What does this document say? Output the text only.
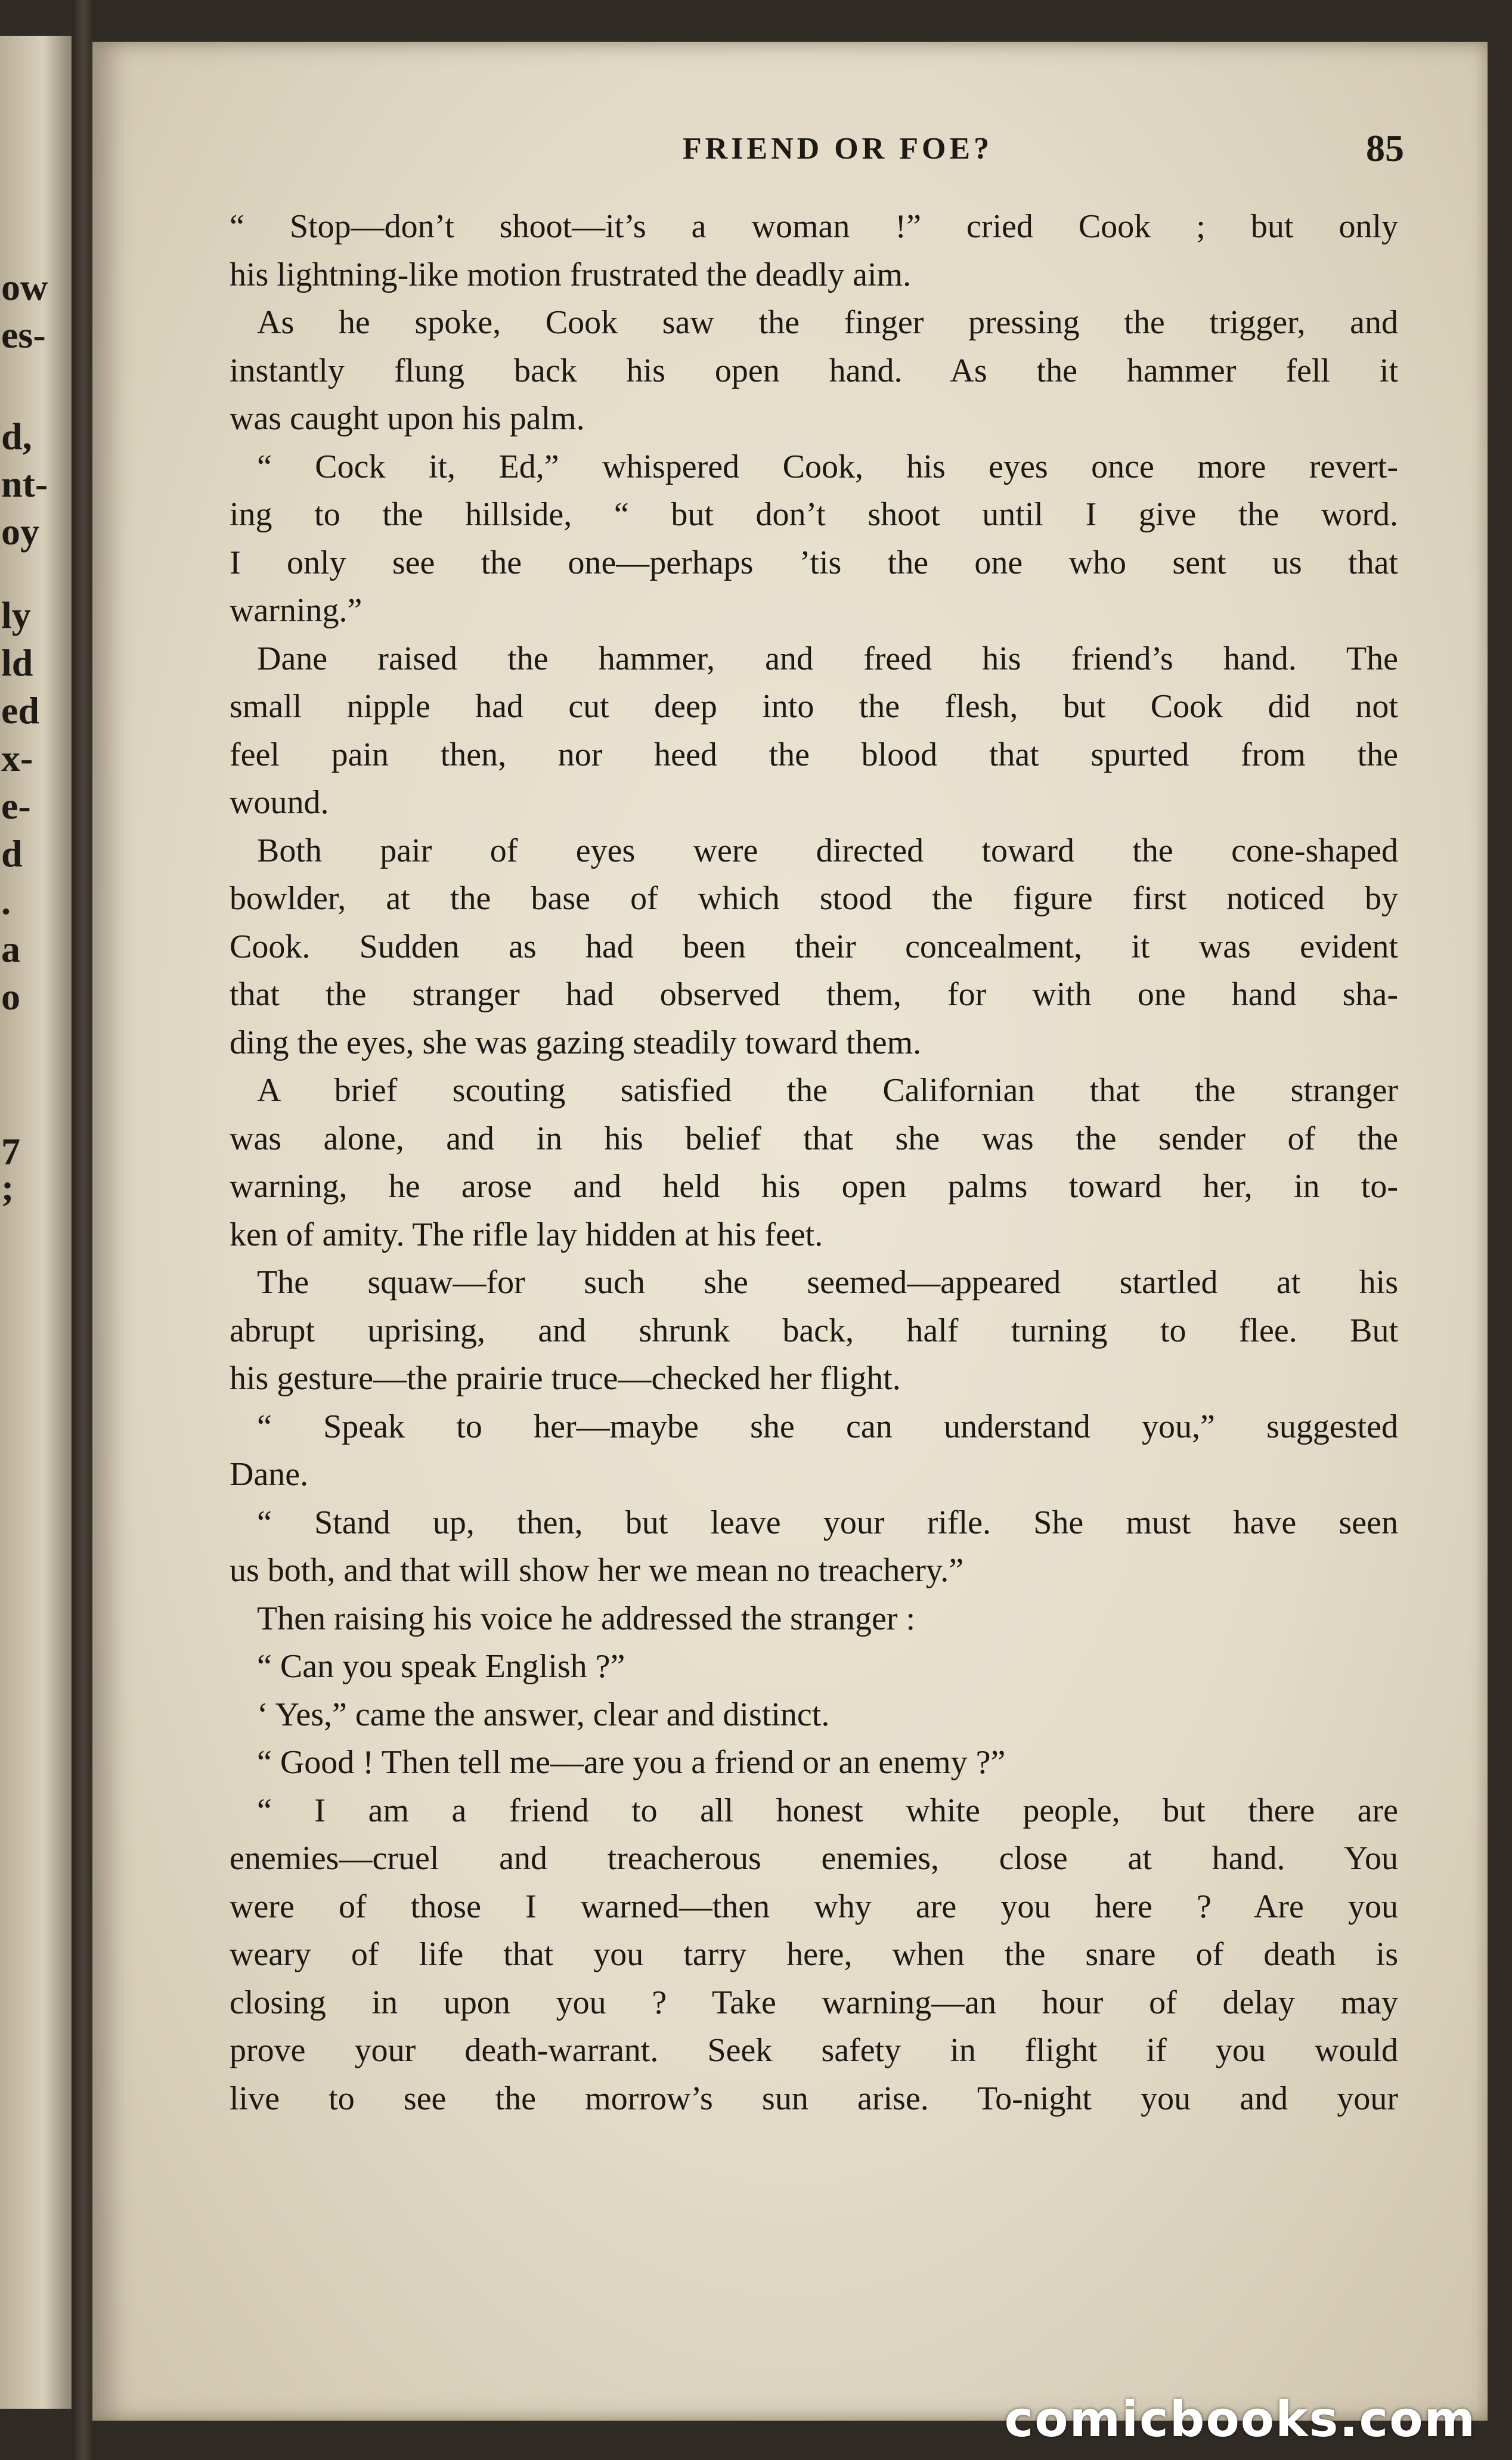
ow
es-
d,
nt-
oy
ly
ld
ed
x-
e-
d
.
a
o
7
;
FRIEND OR FOE?	85
“ Stop—don’t shoot—it’s a woman !” cried Cook ; but only
his lightning-like motion frustrated the deadly aim.
As he spoke, Cook saw the finger pressing the trigger, and
instantly flung back his open hand. As the hammer fell it
was caught upon his palm.
“ Cock it, Ed,” whispered Cook, his eyes once more revert-
ing to the hillside, “ but don’t shoot until I give the word.
I only see the one—perhaps ’tis the one who sent us that
warning.”
Dane raised the hammer, and freed his friend’s hand. The
small nipple had cut deep into the flesh, but Cook did not
feel pain then, nor heed the blood that spurted from the
wound.
Both pair of eyes were directed toward the cone-shaped
bowlder, at the base of which stood the figure first noticed by
Cook. Sudden as had been their concealment, it was evident
that the stranger had observed them, for with one hand sha-
ding the eyes, she was gazing steadily toward them.
A brief scouting satisfied the Californian that the stranger
was alone, and in his belief that she was the sender of the
warning, he arose and held his open palms toward her, in to-
ken of amity. The rifle lay hidden at his feet.
The squaw—for such she seemed—appeared startled at his
abrupt uprising, and shrunk back, half turning to flee. But
his gesture—the prairie truce—checked her flight.
“ Speak to her—maybe she can understand you,” suggested
Dane.
“ Stand up, then, but leave your rifle. She must have seen
us both, and that will show her we mean no treachery.”
Then raising his voice he addressed the stranger :
“ Can you speak English ?”
‘ Yes,” came the answer, clear and distinct.
“ Good ! Then tell me—are you a friend or an enemy ?”
“ I am a friend to all honest white people, but there are
enemies—cruel and treacherous enemies, close at hand. You
were of those I warned—then why are you here ? Are you
weary of life that you tarry here, when the snare of death is
closing in upon you ? Take warning—an hour of delay may
prove your death-warrant. Seek safety in flight if you would
live to see the morrow’s sun arise. To-night you and your
comicbooks.com
